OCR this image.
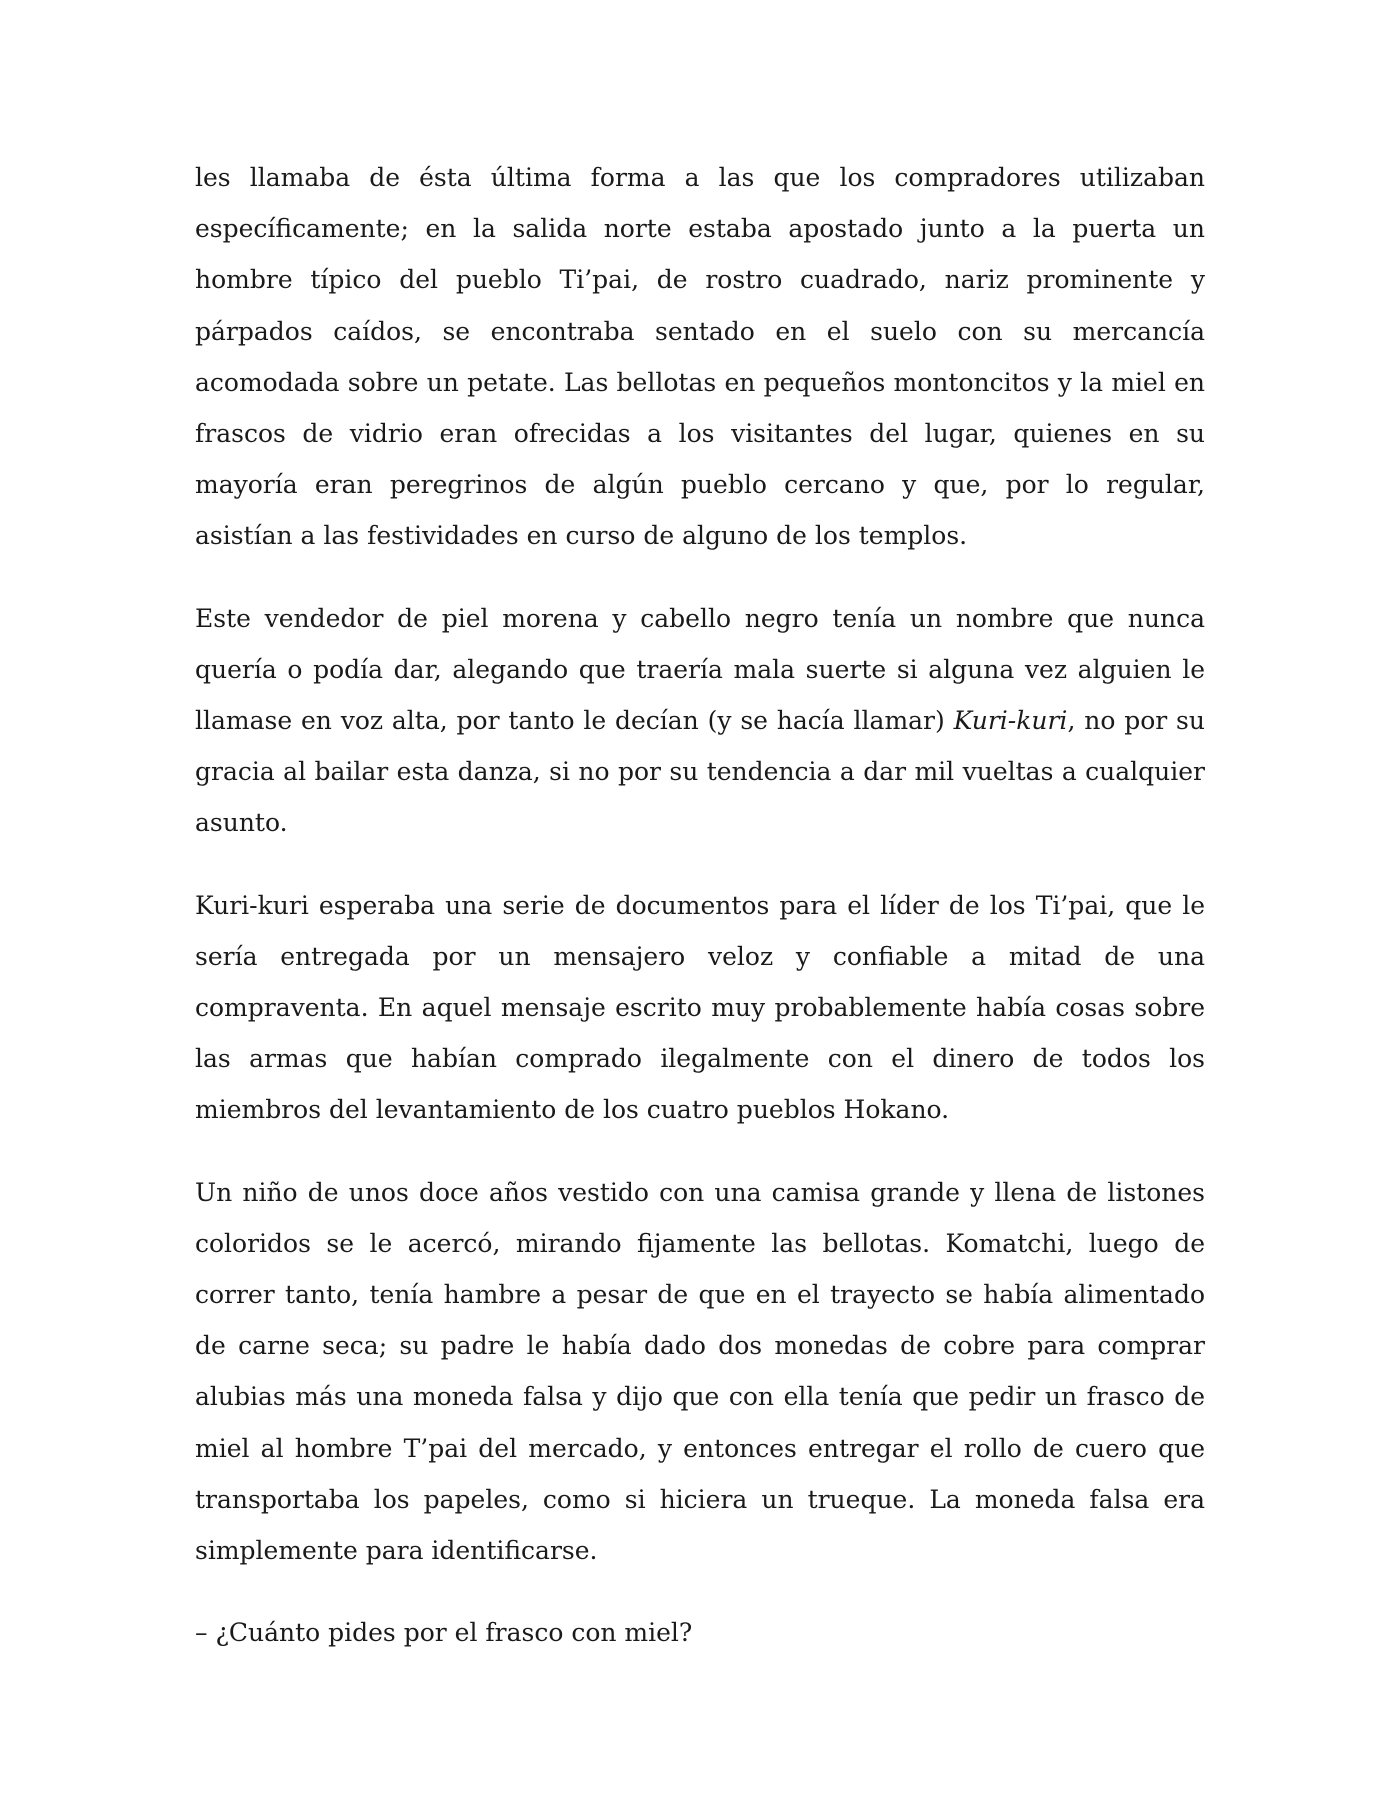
les llamaba de ésta última forma a las que los compradores utilizaban específicamente; en la salida norte estaba apostado junto a la puerta un hombre típico del pueblo Ti’pai, de rostro cuadrado, nariz prominente y párpados caídos, se encontraba sentado en el suelo con su mercancía acomodada sobre un petate. Las bellotas en pequeños montoncitos y la miel en frascos de vidrio eran ofrecidas a los visitantes del lugar, quienes en su mayoría eran peregrinos de algún pueblo cercano y que, por lo regular, asistían a las festividades en curso de alguno de los templos.

Este vendedor de piel morena y cabello negro tenía un nombre que nunca quería o podía dar, alegando que traería mala suerte si alguna vez alguien le llamase en voz alta, por tanto le decían (y se hacía llamar) Kuri-kuri, no por su gracia al bailar esta danza, si no por su tendencia a dar mil vueltas a cualquier asunto.

Kuri-kuri esperaba una serie de documentos para el líder de los Ti’pai, que le sería entregada por un mensajero veloz y confiable a mitad de una compraventa. En aquel mensaje escrito muy probablemente había cosas sobre las armas que habían comprado ilegalmente con el dinero de todos los miembros del levantamiento de los cuatro pueblos Hokano.

Un niño de unos doce años vestido con una camisa grande y llena de listones coloridos se le acercó, mirando fijamente las bellotas. Komatchi, luego de correr tanto, tenía hambre a pesar de que en el trayecto se había alimentado de carne seca; su padre le había dado dos monedas de cobre para comprar alubias más una moneda falsa y dijo que con ella tenía que pedir un frasco de miel al hombre T’pai del mercado, y entonces entregar el rollo de cuero que transportaba los papeles, como si hiciera un trueque. La moneda falsa era simplemente para identificarse.

– ¿Cuánto pides por el frasco con miel?
